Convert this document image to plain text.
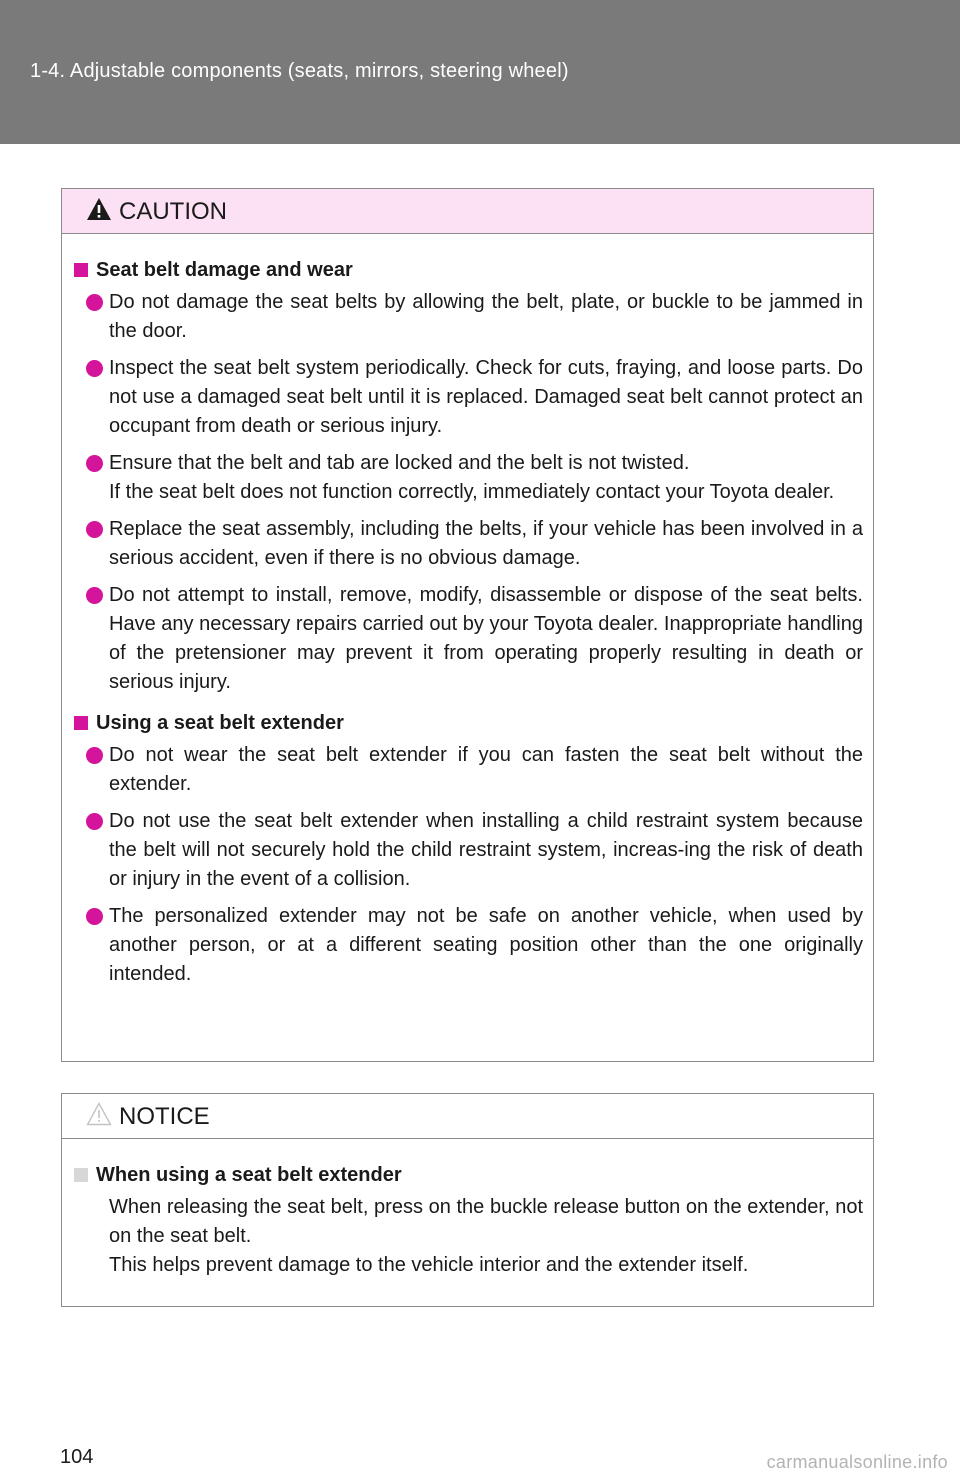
1-4. Adjustable components (seats, mirrors, steering wheel)
CAUTION
Seat belt damage and wear
Do not damage the seat belts by allowing the belt, plate, or buckle to be jammed in the door.
Inspect the seat belt system periodically. Check for cuts, fraying, and loose parts. Do not use a damaged seat belt until it is replaced. Damaged seat belt cannot protect an occupant from death or serious injury.
Ensure that the belt and tab are locked and the belt is not twisted.
If the seat belt does not function correctly, immediately contact your Toyota dealer.
Replace the seat assembly, including the belts, if your vehicle has been involved in a serious accident, even if there is no obvious damage.
Do not attempt to install, remove, modify, disassemble or dispose of the seat belts. Have any necessary repairs carried out by your Toyota dealer. Inappropriate handling of the pretensioner may prevent it from operating properly resulting in death or serious injury.
Using a seat belt extender
Do not wear the seat belt extender if you can fasten the seat belt without the extender.
Do not use the seat belt extender when installing a child restraint system because the belt will not securely hold the child restraint system, increas-ing the risk of death or injury in the event of a collision.
The personalized extender may not be safe on another vehicle, when used by another person, or at a different seating position other than the one originally intended.
NOTICE
When using a seat belt extender
When releasing the seat belt, press on the buckle release button on the extender, not on the seat belt.
This helps prevent damage to the vehicle interior and the extender itself.
104	carmanualsonline.info
